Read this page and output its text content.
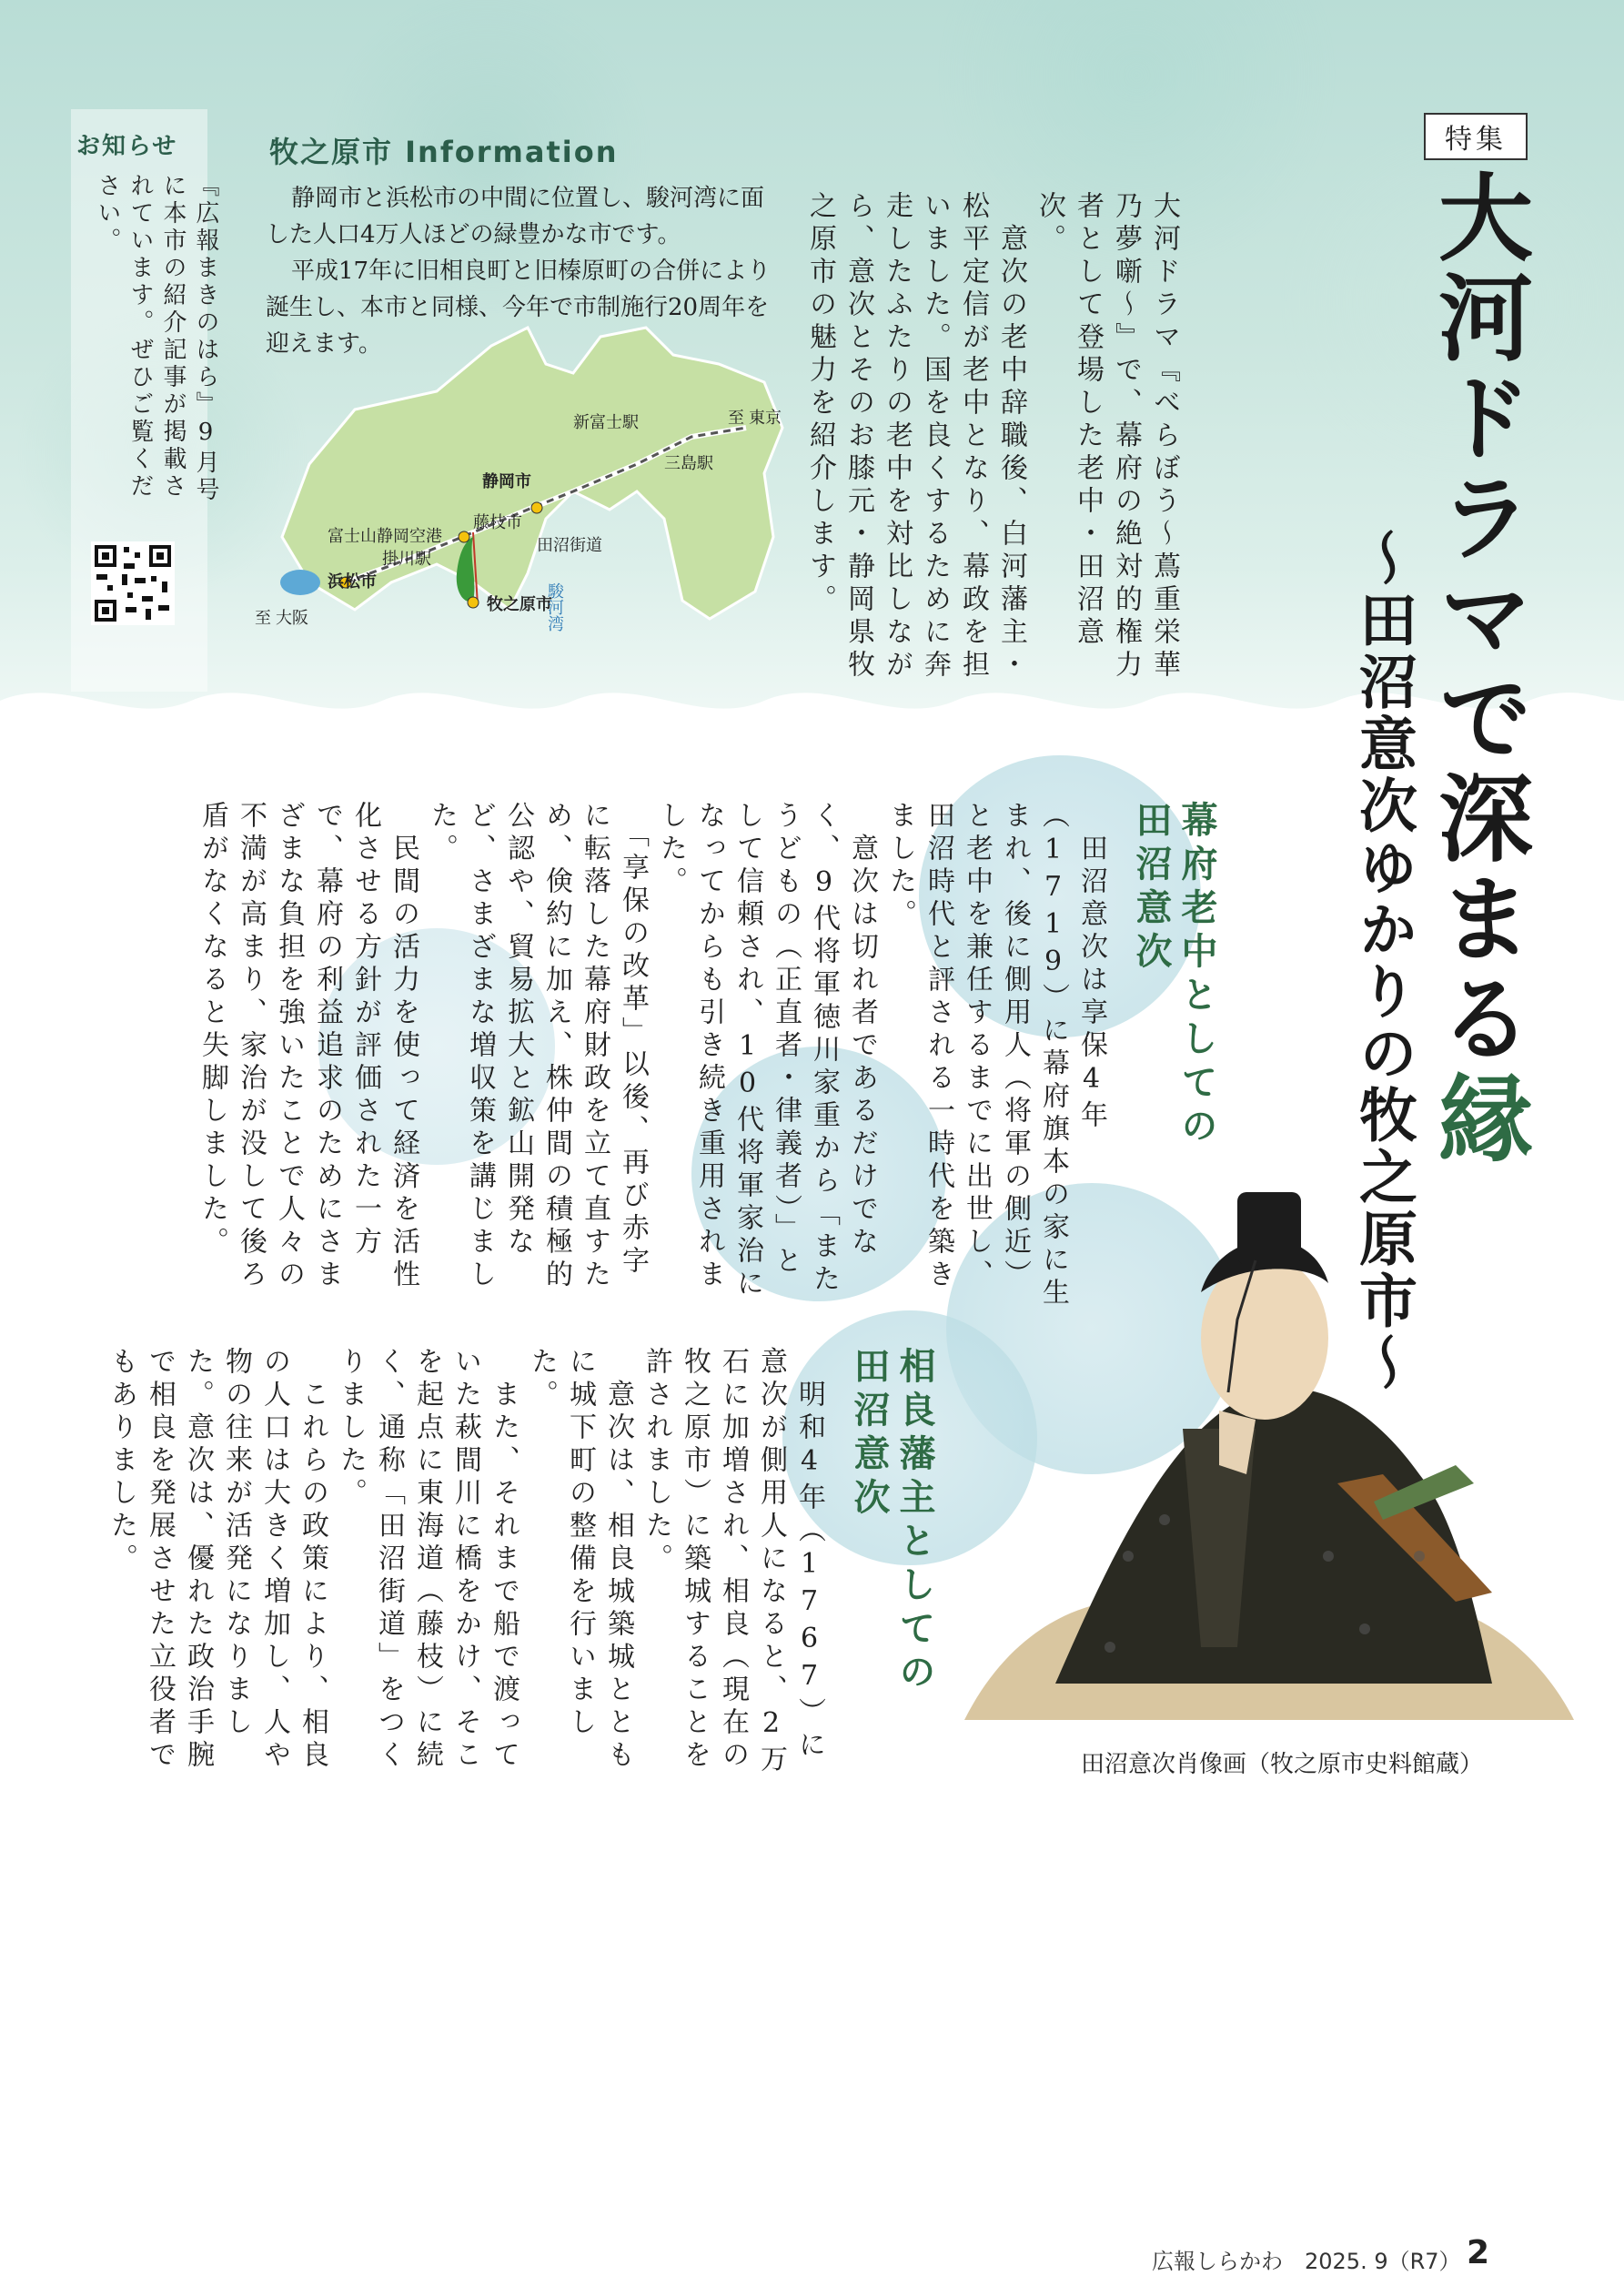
特集
大河ドラマで深まる縁
〜田沼意次ゆかりの牧之原市〜
大河ドラマ『べらぼう〜蔦重栄華乃夢噺〜』で、幕府の絶対的権力者として登場した老中・田沼意次。
　意次の老中辞職後、白河藩主・松平定信が老中となり、幕政を担いました。国を良くするために奔走したふたりの老中を対比しながら、意次とそのお膝元・静岡県牧之原市の魅力を紹介します。
牧之原市 Information

静岡市と浜松市の中間に位置し、駿河湾に面した人口4万人ほどの緑豊かな市です。

平成17年に旧相良町と旧榛原町の合併により誕生し、本市と同様、今年で市制施行20周年を迎えます。

新富士駅	至 東京
三島駅
静岡市
藤枝市
富士山静岡空港
掛川駅
田沼街道
浜松市
牧之原市
至 大阪	駿河湾
お知らせ
『広報まきのはら』9月号に本市の紹介記事が掲載されています。ぜひご覧ください。
幕府老中としての
田沼意次
　田沼意次は享保4年（1719）に幕府旗本の家に生まれ、後に側用人（将軍の側近）と老中を兼任するまでに出世し、田沼時代と評される一時代を築きました。
　意次は切れ者であるだけでなく、9代将軍徳川家重から「またうどもの（正直者・律義者）」として信頼され、10代将軍家治になってからも引き続き重用されました。
　「享保の改革」以後、再び赤字に転落した幕府財政を立て直すため、倹約に加え、株仲間の積極的公認や、貿易拡大と鉱山開発など、さまざまな増収策を講じました。
　民間の活力を使って経済を活性化させる方針が評価された一方で、幕府の利益追求のためにさまざまな負担を強いたことで人々の不満が高まり、家治が没して後ろ盾がなくなると失脚しました。
相良藩主としての
田沼意次
　明和4年（1767）に意次が側用人になると、2万石に加増され、相良（現在の牧之原市）に築城することを許されました。
　意次は、相良城築城とともに城下町の整備を行いました。
　また、それまで船で渡っていた萩間川に橋をかけ、そこを起点に東海道（藤枝）に続く、通称「田沼街道」をつくりました。
　これらの政策により、相良の人口は大きく増加し、人や物の往来が活発になりました。意次は、優れた政治手腕で相良を発展させた立役者でもありました。
田沼意次肖像画（牧之原市史料館蔵）
広報しらかわ　2025. 9（R7） 2
